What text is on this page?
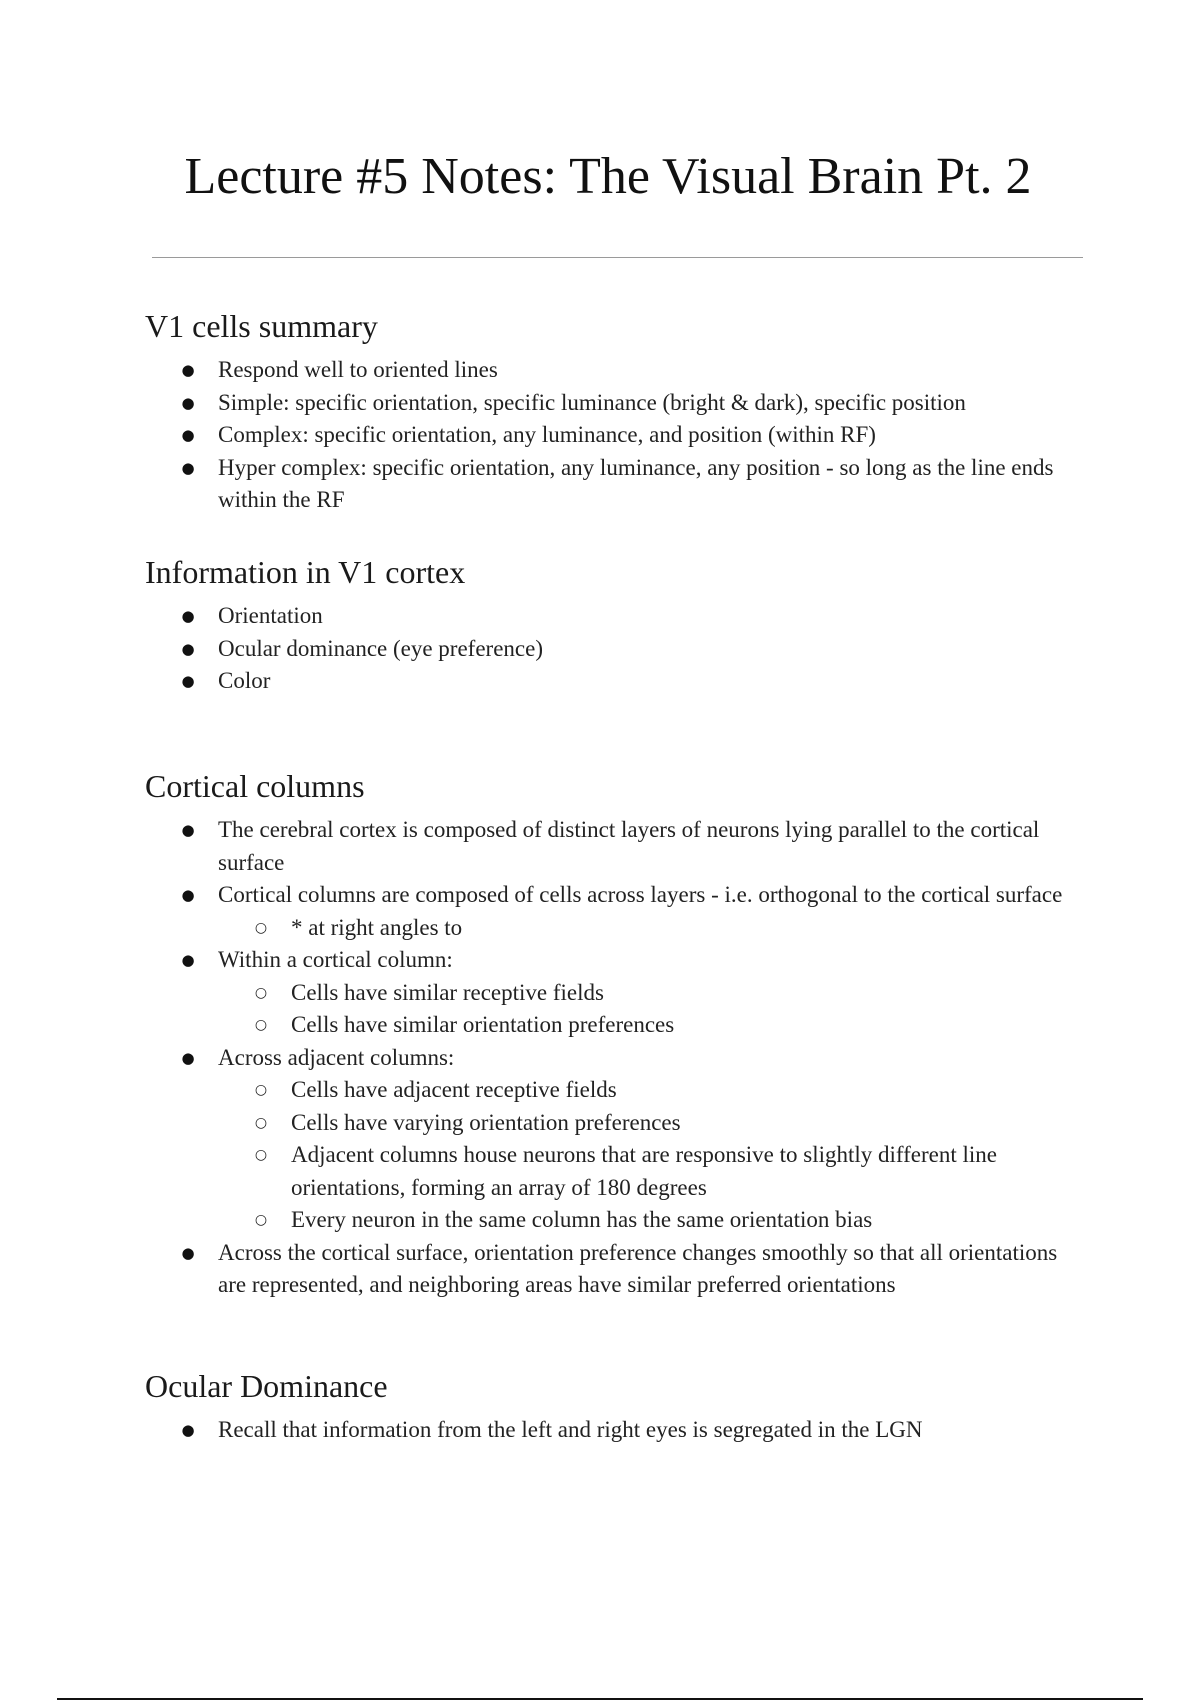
Lecture #5 Notes: The Visual Brain Pt. 2
V1 cells summary
● Respond well to oriented lines
● Simple: specific orientation, specific luminance (bright & dark), specific position
● Complex: specific orientation, any luminance, and position (within RF)
● Hyper complex: specific orientation, any luminance, any position - so long as the line ends within the RF
Information in V1 cortex
● Orientation
● Ocular dominance (eye preference)
● Color
Cortical columns
● The cerebral cortex is composed of distinct layers of neurons lying parallel to the cortical surface
● Cortical columns are composed of cells across layers - i.e. orthogonal to the cortical surface
○ * at right angles to
● Within a cortical column:
○ Cells have similar receptive fields
○ Cells have similar orientation preferences
● Across adjacent columns:
○ Cells have adjacent receptive fields
○ Cells have varying orientation preferences
○ Adjacent columns house neurons that are responsive to slightly different line orientations, forming an array of 180 degrees
○ Every neuron in the same column has the same orientation bias
● Across the cortical surface, orientation preference changes smoothly so that all orientations are represented, and neighboring areas have similar preferred orientations
Ocular Dominance
● Recall that information from the left and right eyes is segregated in the LGN
